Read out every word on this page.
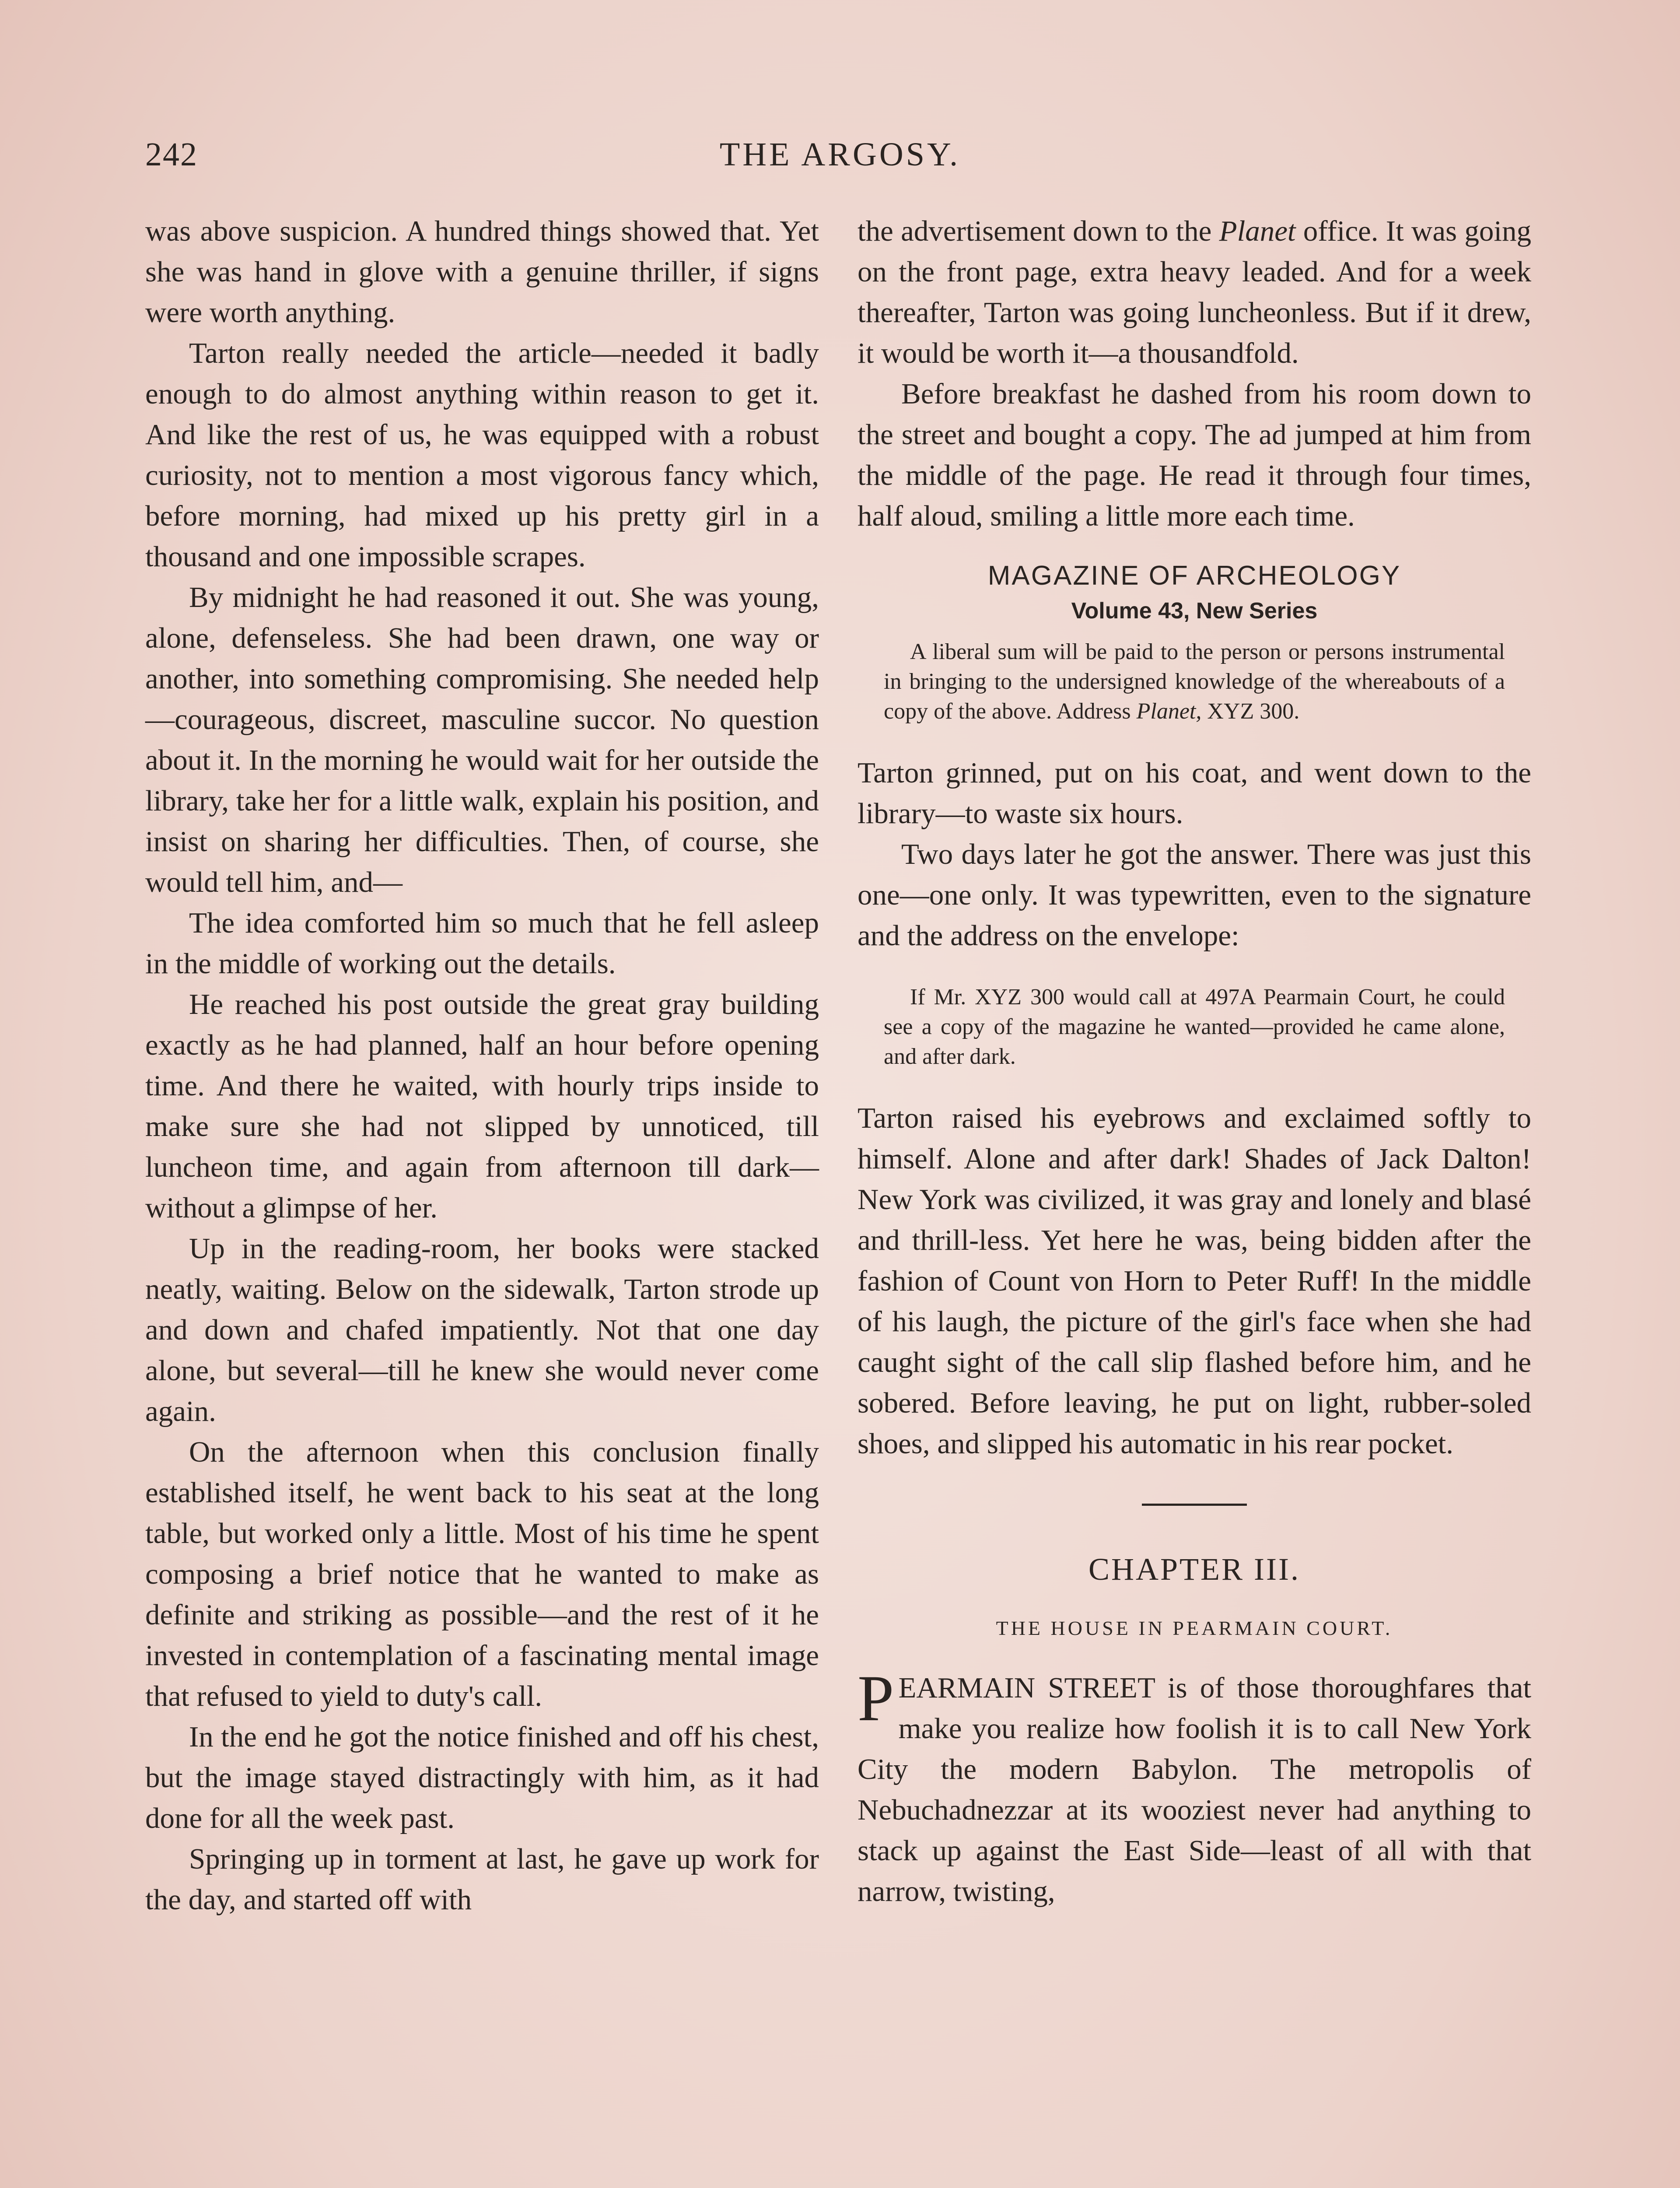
242	THE ARGOSY.

was above suspicion. A hundred things showed that. Yet she was hand in glove with a genuine thriller, if signs were worth anything.

Tarton really needed the article—needed it badly enough to do almost anything within reason to get it. And like the rest of us, he was equipped with a robust curiosity, not to mention a most vigorous fancy which, before morning, had mixed up his pretty girl in a thousand and one impossible scrapes.

By midnight he had reasoned it out. She was young, alone, defenseless. She had been drawn, one way or another, into something compromising. She needed help—courageous, discreet, masculine succor. No question about it. In the morning he would wait for her outside the library, take her for a little walk, explain his position, and insist on sharing her difficulties. Then, of course, she would tell him, and—

The idea comforted him so much that he fell asleep in the middle of working out the details.

He reached his post outside the great gray building exactly as he had planned, half an hour before opening time. And there he waited, with hourly trips inside to make sure she had not slipped by unnoticed, till luncheon time, and again from afternoon till dark—without a glimpse of her.

Up in the reading-room, her books were stacked neatly, waiting. Below on the sidewalk, Tarton strode up and down and chafed impatiently. Not that one day alone, but several—till he knew she would never come again.

On the afternoon when this conclusion finally established itself, he went back to his seat at the long table, but worked only a little. Most of his time he spent composing a brief notice that he wanted to make as definite and striking as possible—and the rest of it he invested in contemplation of a fascinating mental image that refused to yield to duty's call.

In the end he got the notice finished and off his chest, but the image stayed distractingly with him, as it had done for all the week past.

Springing up in torment at last, he gave up work for the day, and started off with

the advertisement down to the Planet office. It was going on the front page, extra heavy leaded. And for a week thereafter, Tarton was going luncheonless. But if it drew, it would be worth it—a thousandfold.

Before breakfast he dashed from his room down to the street and bought a copy. The ad jumped at him from the middle of the page. He read it through four times, half aloud, smiling a little more each time.

MAGAZINE OF ARCHEOLOGY
Volume 43, New Series
A liberal sum will be paid to the person or persons instrumental in bringing to the undersigned knowledge of the whereabouts of a copy of the above. Address Planet, XYZ 300.

Tarton grinned, put on his coat, and went down to the library—to waste six hours.

Two days later he got the answer. There was just this one—one only. It was typewritten, even to the signature and the address on the envelope:

If Mr. XYZ 300 would call at 497A Pearmain Court, he could see a copy of the magazine he wanted—provided he came alone, and after dark.

Tarton raised his eyebrows and exclaimed softly to himself. Alone and after dark! Shades of Jack Dalton! New York was civilized, it was gray and lonely and blasé and thrill-less. Yet here he was, being bidden after the fashion of Count von Horn to Peter Ruff! In the middle of his laugh, the picture of the girl's face when she had caught sight of the call slip flashed before him, and he sobered. Before leaving, he put on light, rubber-soled shoes, and slipped his automatic in his rear pocket.

CHAPTER III.
THE HOUSE IN PEARMAIN COURT.

PEARMAIN STREET is of those thoroughfares that make you realize how foolish it is to call New York City the modern Babylon. The metropolis of Nebuchadnezzar at its wooziest never had anything to stack up against the East Side—least of all with that narrow, twisting,
